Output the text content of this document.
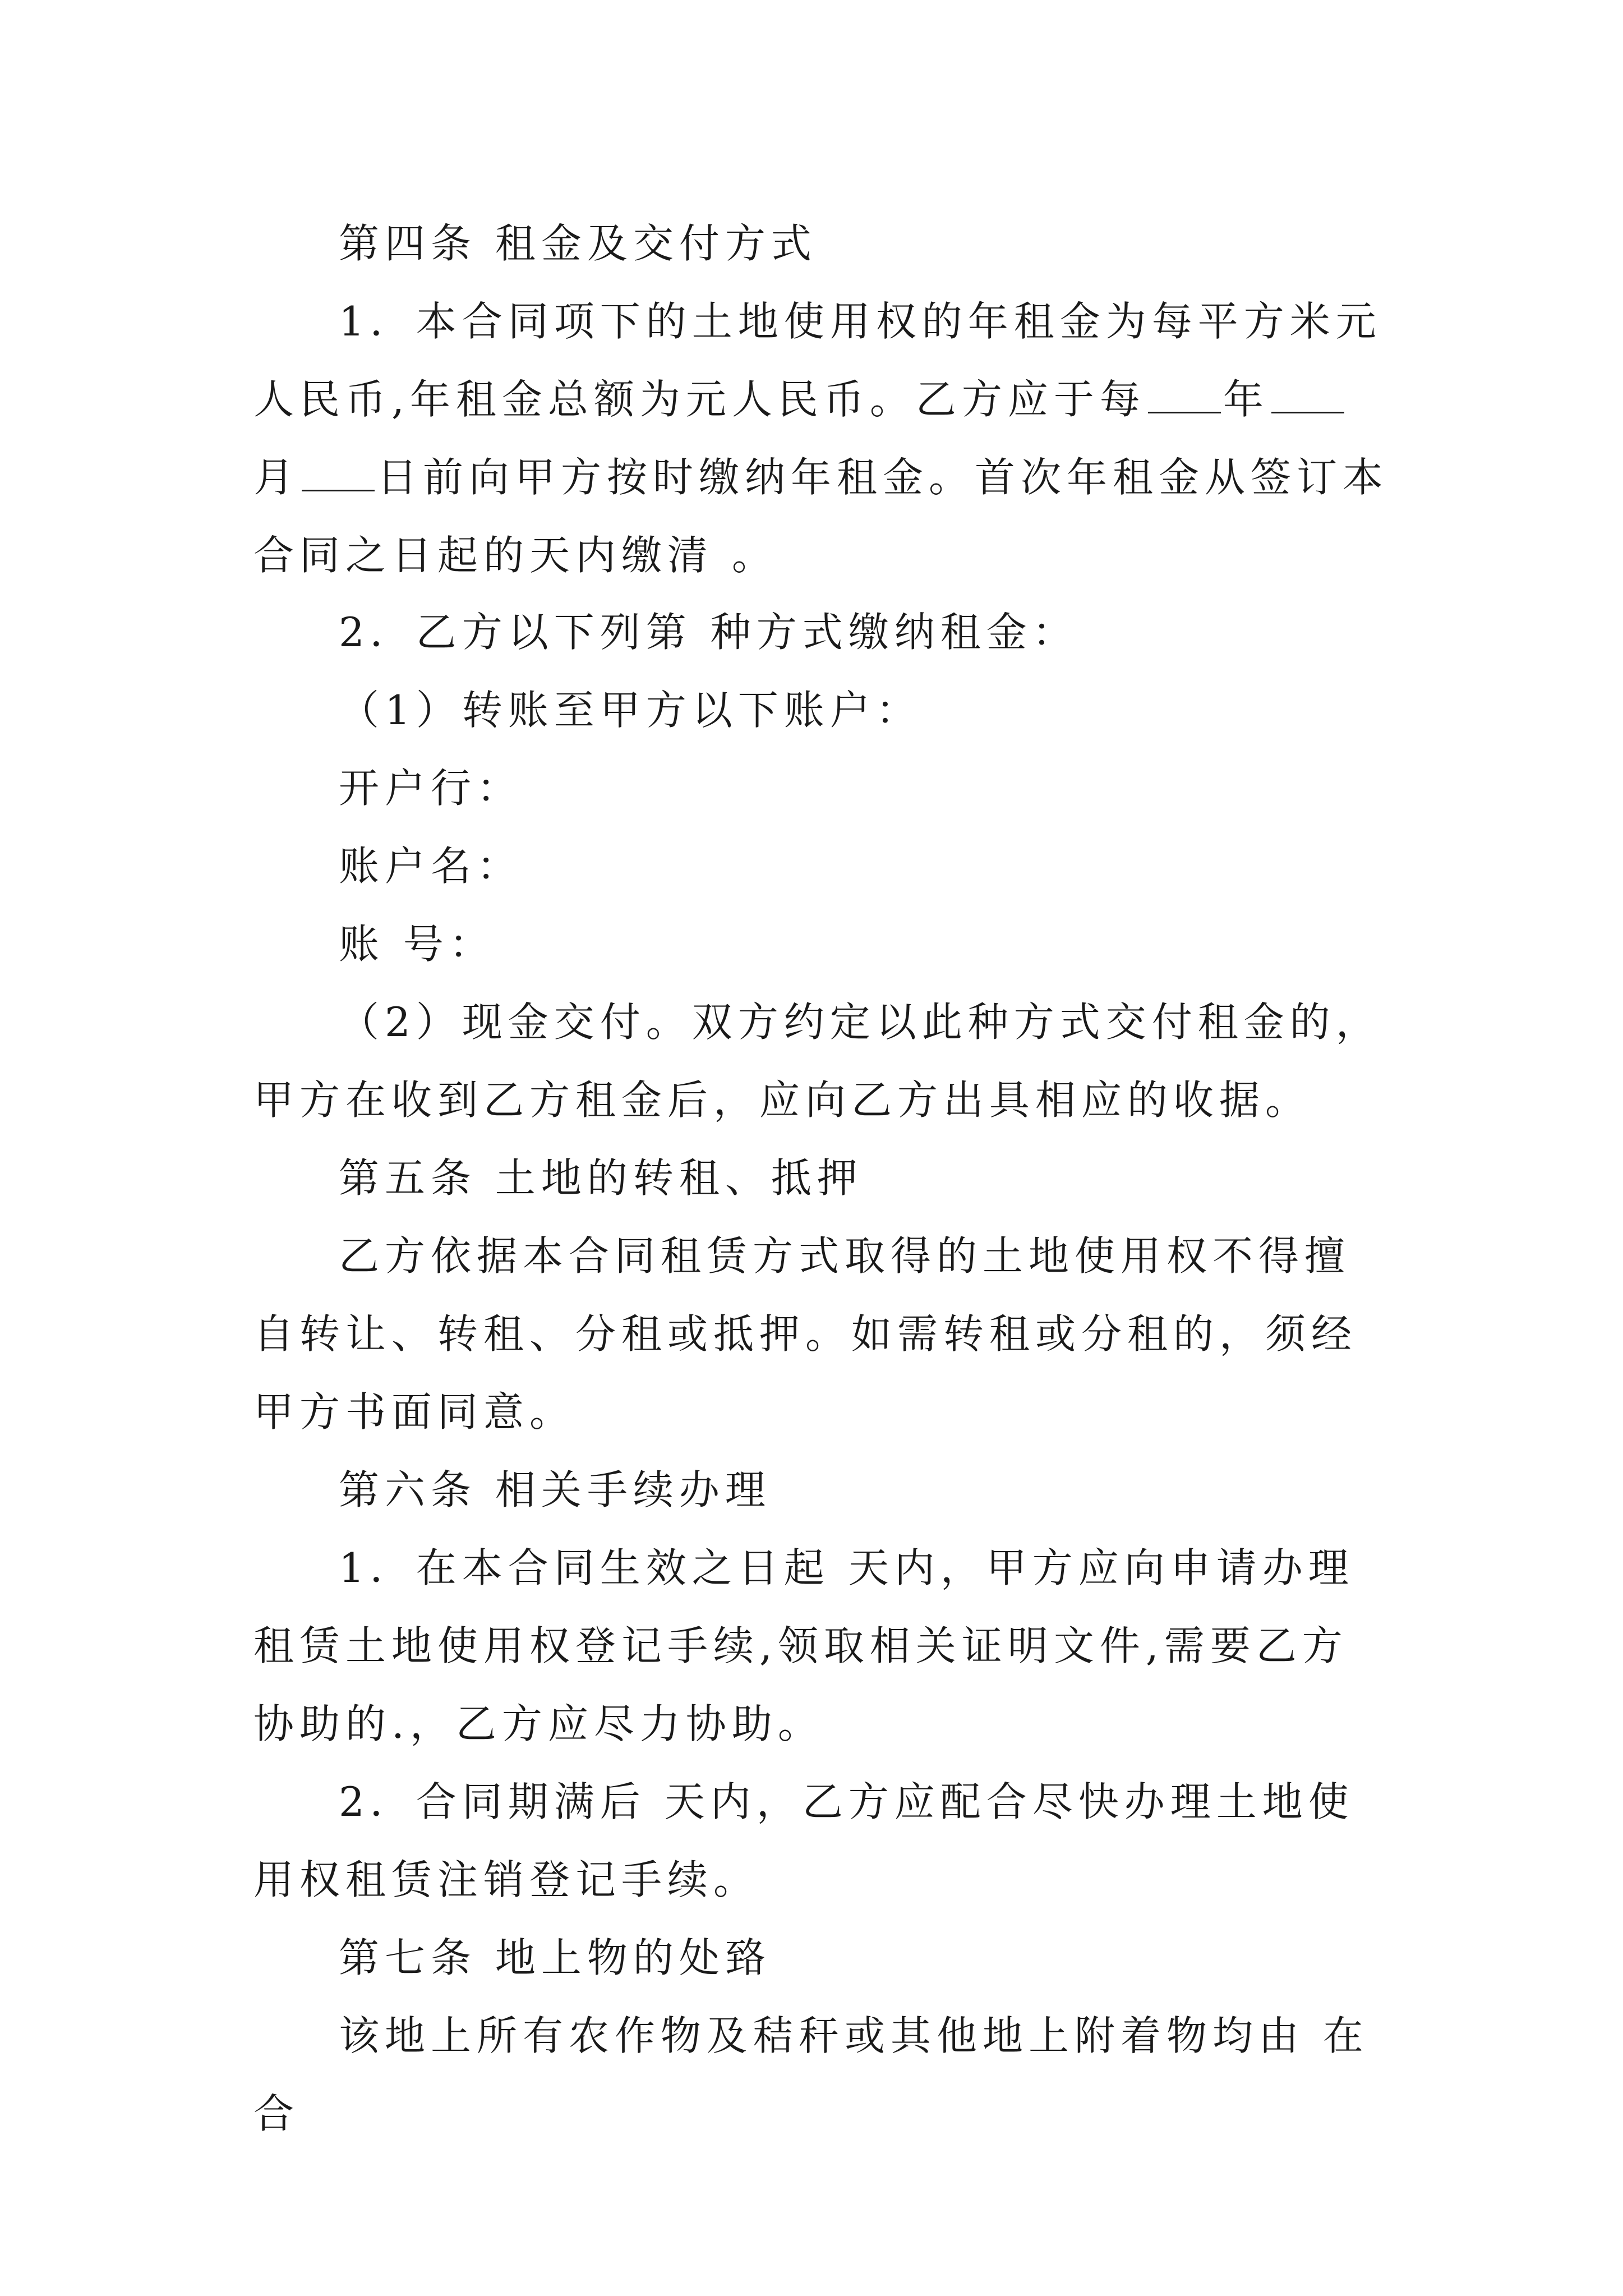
第四条 租金及交付方式

1．本合同项下的土地使用权的年租金为每平方米元人民币,年租金总额为元人民币。乙方应于每 年月 日前向甲方按时缴纳年租金。首次年租金从签订本合同之日起的天内缴清 。

2．乙方以下列第 种方式缴纳租金：

（1）转账至甲方以下账户：

开户行：

账户名：

账 号：

（2）现金交付。双方约定以此种方式交付租金的，甲方在收到乙方租金后，应向乙方出具相应的收据。

第五条 土地的转租、抵押

乙方依据本合同租赁方式取得的土地使用权不得擅自转让、转租、分租或抵押。如需转租或分租的，须经甲方书面同意。

第六条 相关手续办理

1．在本合同生效之日起 天内，甲方应向申请办理租赁土地使用权登记手续,领取相关证明文件,需要乙方协助的.，乙方应尽力协助。

2．合同期满后 天内，乙方应配合尽快办理土地使用权租赁注销登记手续。

第七条 地上物的处臵

该地上所有农作物及秸秆或其他地上附着物均由 在合
